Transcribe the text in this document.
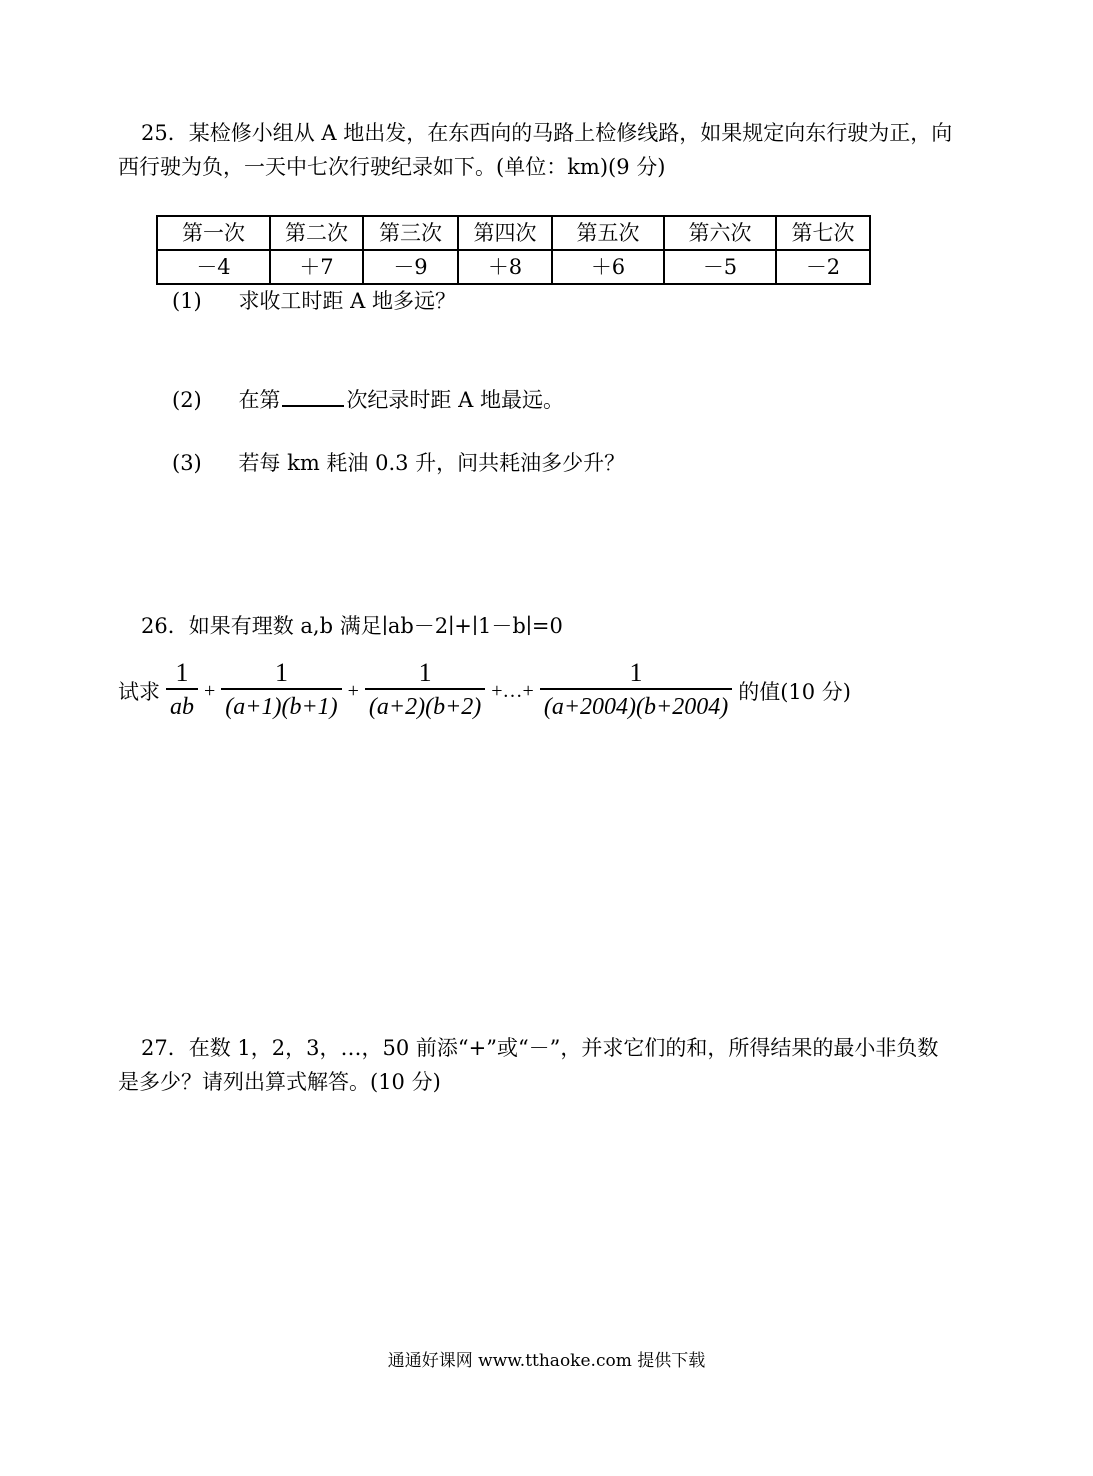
25．某检修小组从 A 地出发，在东西向的马路上检修线路，如果规定向东行驶为正，向
西行驶为负，一天中七次行驶纪录如下。(单位：km)(9 分)
第一次	第二次	第三次	第四次	第五次	第六次	第七次
－4	＋7	－9	＋8	＋6	－5	－2
(1) 求收工时距 A 地多远？
(2) 在第	次纪录时距 A 地最远。
(3) 若每 km 耗油 0.3 升，问共耗油多少升？
26．如果有理数 a,b 满足∣ab－2∣+∣1－b∣=0
试求 $\frac{1}{ab} + \frac{1}{(a+1)(b+1)} + \frac{1}{(a+2)(b+2)}$ +…+ $\frac{1}{(a+2004)(b+2004)}$ 的值(10 分)
27．在数 1，2，3，…，50 前添“+”或“－”，并求它们的和，所得结果的最小非负数
是多少？请列出算式解答。(10 分)
通通好课网 www.tthaoke.com 提供下载
